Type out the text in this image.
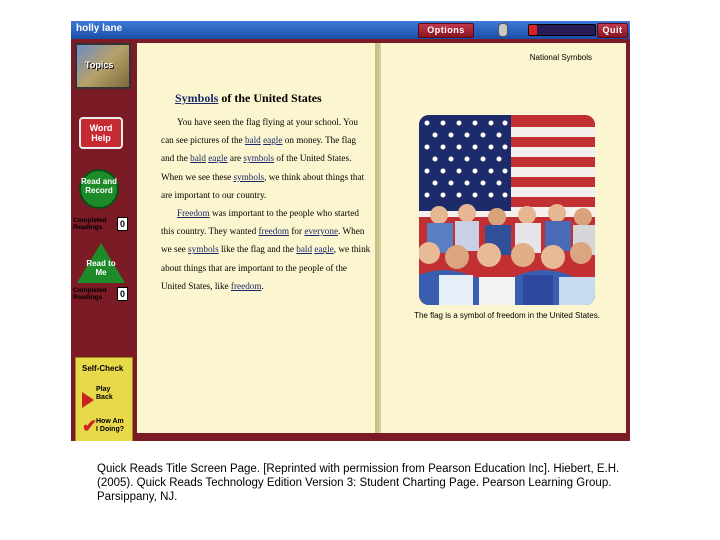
holly lane	Options	Quit
Topics
Word Help
Read and Record
Completed Readings	0
Read to Me
Completed Readings	0
Self-Check
Play Back
✔
How Am I Doing?
Symbols of the United States

You have seen the flag flying at your school. You can see pictures of the bald eagle on money. The flag and the bald eagle are symbols of the United States. When we see these symbols, we think about things that are important to our country.

Freedom was important to the people who started this country. They wanted freedom for everyone. When we see symbols like the flag and the bald eagle, we think about things that are important to the people of the United States, like freedom.

National Symbols
The flag is a symbol of freedom in the United States.
Quick Reads Title Screen Page. [Reprinted with permission from Pearson Education Inc]. Hiebert, E.H. (2005). Quick Reads Technology Edition Version 3: Student Charting Page. Pearson Learning Group. Parsippany, NJ.
